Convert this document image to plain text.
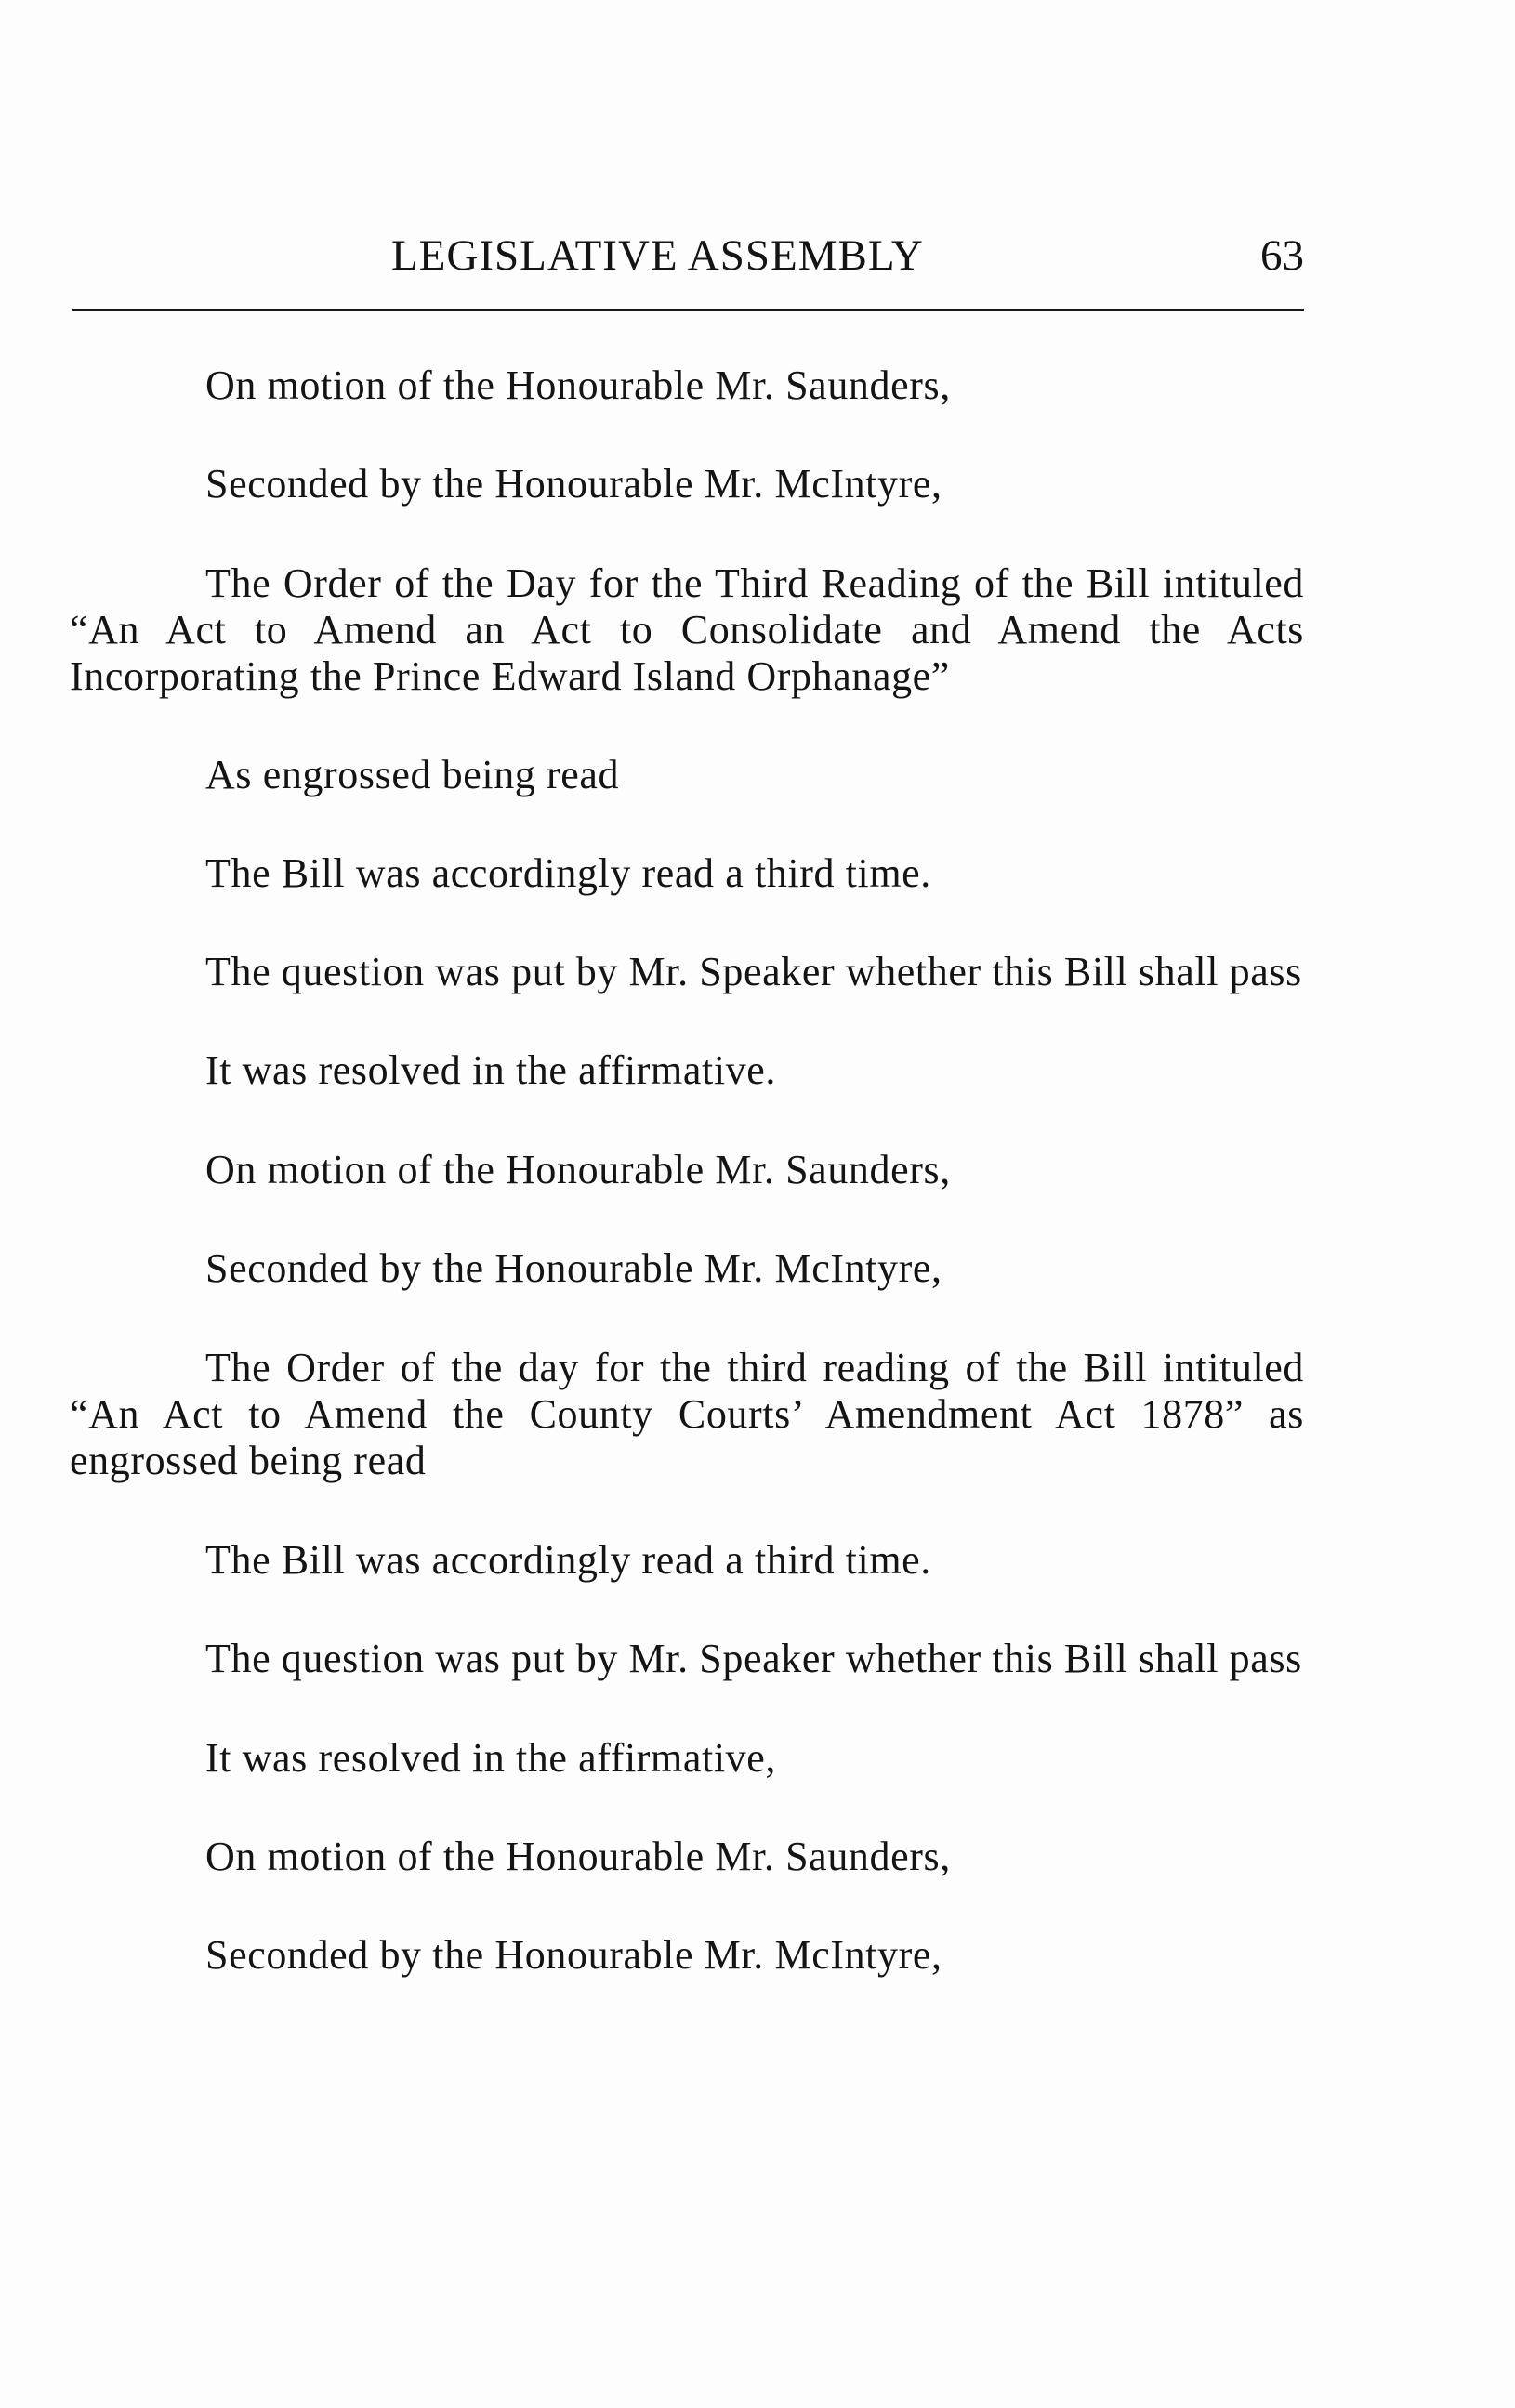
LEGISLATIVE ASSEMBLY	63

On motion of the Honourable Mr. Saunders,

Seconded by the Honourable Mr. McIntyre,

The Order of the Day for the Third Reading of the Bill intituled “An Act to Amend an Act to Consolidate and Amend the Acts Incorporating the Prince Edward Island Orphanage”

As engrossed being read

The Bill was accordingly read a third time.

The question was put by Mr. Speaker whether this Bill shall pass

It was resolved in the affirmative.

On motion of the Honourable Mr. Saunders,

Seconded by the Honourable Mr. McIntyre,

The Order of the day for the third reading of the Bill intituled “An Act to Amend the County Courts’ Amendment Act 1878” as engrossed being read

The Bill was accordingly read a third time.

The question was put by Mr. Speaker whether this Bill shall pass

It was resolved in the affirmative,

On motion of the Honourable Mr. Saunders,

Seconded by the Honourable Mr. McIntyre,
